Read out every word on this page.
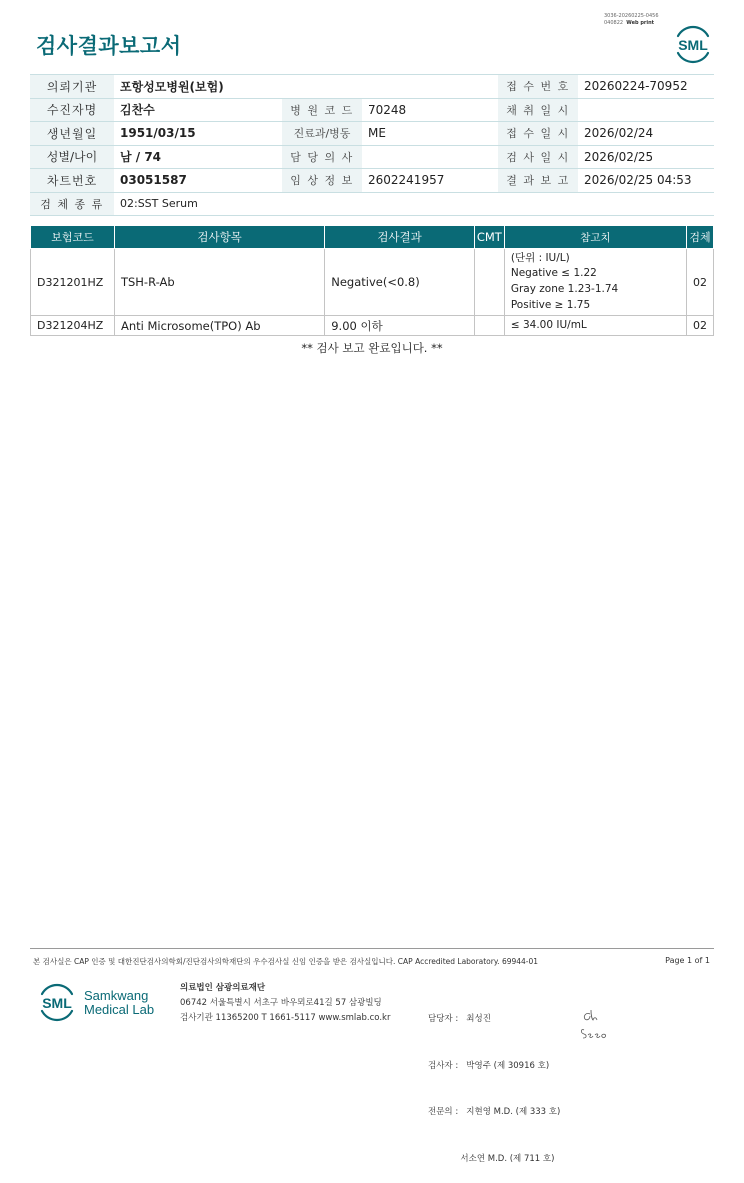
3036-20260225-0456
040822 Web print
검사결과보고서	SML
의뢰기관	포항성모병원(보험)			접 수 번 호	20260224-70952
수진자명	김찬수	병 원 코 드	70248	채 취 일 시	
생년월일	1951/03/15	진료과/병동	ME	접 수 일 시	2026/02/24
성별/나이	남 / 74	담 당 의 사		검 사 일 시	2026/02/25
차트번호	03051587	임 상 정 보	2602241957	결 과 보 고	2026/02/25 04:53
검 체 종 류	02:SST Serum				
보험코드	검사항목	검사결과	CMT	참고치	검체
D321201HZ	TSH-R-Ab	Negative(<0.8)		(단위 : IU/L)
Negative ≤ 1.22
Gray zone 1.23-1.74
Positive ≥ 1.75	02
D321204HZ	Anti Microsome(TPO) Ab	9.00 이하		≤ 34.00 IU/mL	02
** 검사 보고 완료입니다. **
본 검사실은 CAP 인증 및 대한진단검사의학회/진단검사의학재단의 우수검사실 신임 인증을 받은 검사실입니다. CAP Accredited Laboratory. 69944-01	Page 1 of 1
SML Samkwang
Medical Lab
의료법인 삼광의료재단
06742 서울특별시 서초구 바우뫼로41길 57 삼광빌딩
검사기관 11365200 T 1661-5117 www.smlab.co.kr

	담당자 :   최성진

검사자 :   박영주 (제 30916 호)

전문의 :   지현영 M.D. (제 333 호)

서소연 M.D. (제 711 호)
